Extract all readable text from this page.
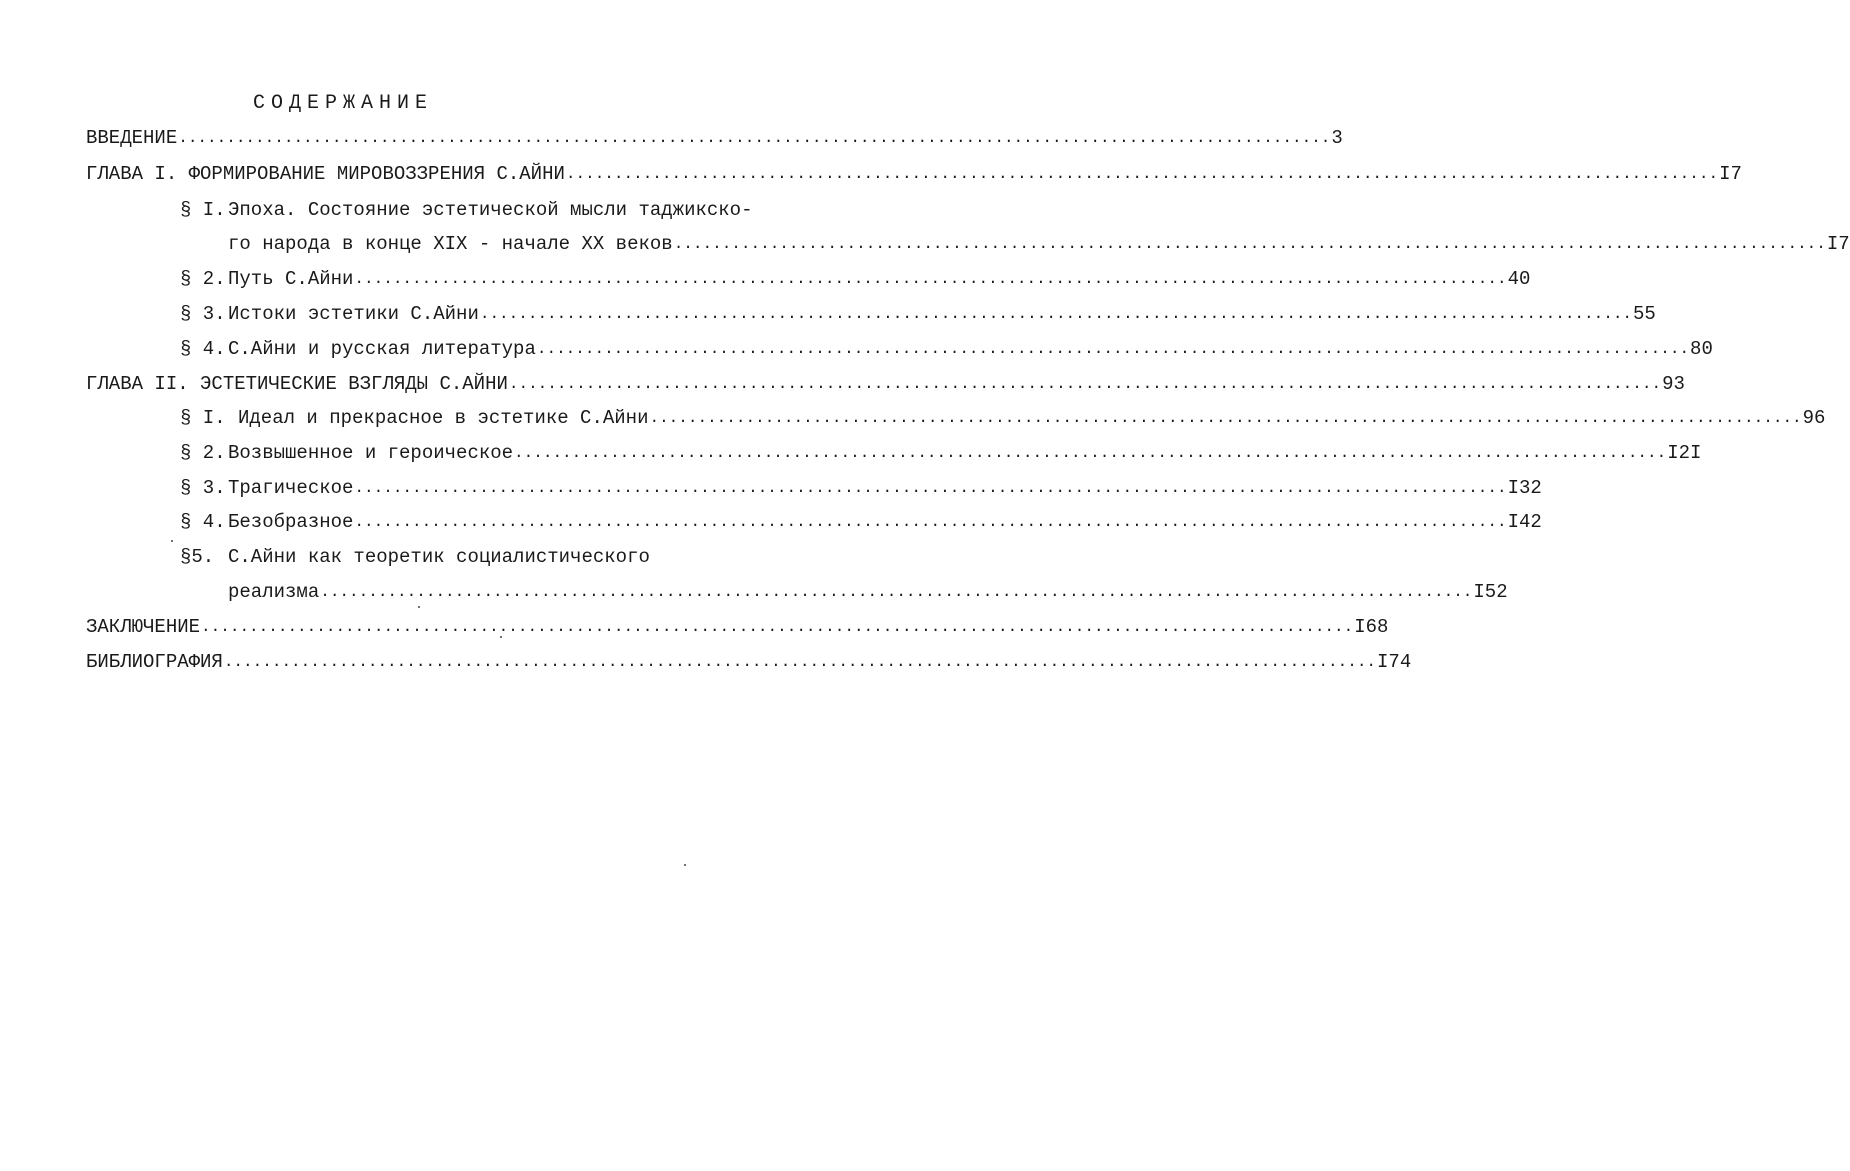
СОДЕРЖАНИЕ
ВВЕДЕНИЕ ........................................................................................................................ 3
ГЛАВА I. ФОРМИРОВАНИЕ МИРОВОЗЗРЕНИЯ С.АЙНИ ........................................................................................................................ I7
§ I. Эпоха. Состояние эстетической мысли таджикско-
го народа в конце XIX - начале XX веков ........................................................................................................................ I7
§ 2. Путь С.Айни ........................................................................................................................ 40
§ 3. Истоки эстетики С.Айни ........................................................................................................................ 55
§ 4. С.Айни и русская литература ........................................................................................................................ 80
ГЛАВА II. ЭСТЕТИЧЕСКИЕ ВЗГЛЯДЫ С.АЙНИ ........................................................................................................................ 93
§ I. Идеал и прекрасное в эстетике С.Айни ........................................................................................................................ 96
§ 2. Возвышенное и героическое ........................................................................................................................ I2I
§ 3. Трагическое ........................................................................................................................ I32
§ 4. Безобразное ........................................................................................................................ I42
§5. С.Айни как теоретик социалистического
реализма ........................................................................................................................ I52
ЗАКЛЮЧЕНИЕ ........................................................................................................................ I68
БИБЛИОГРАФИЯ ........................................................................................................................ I74
